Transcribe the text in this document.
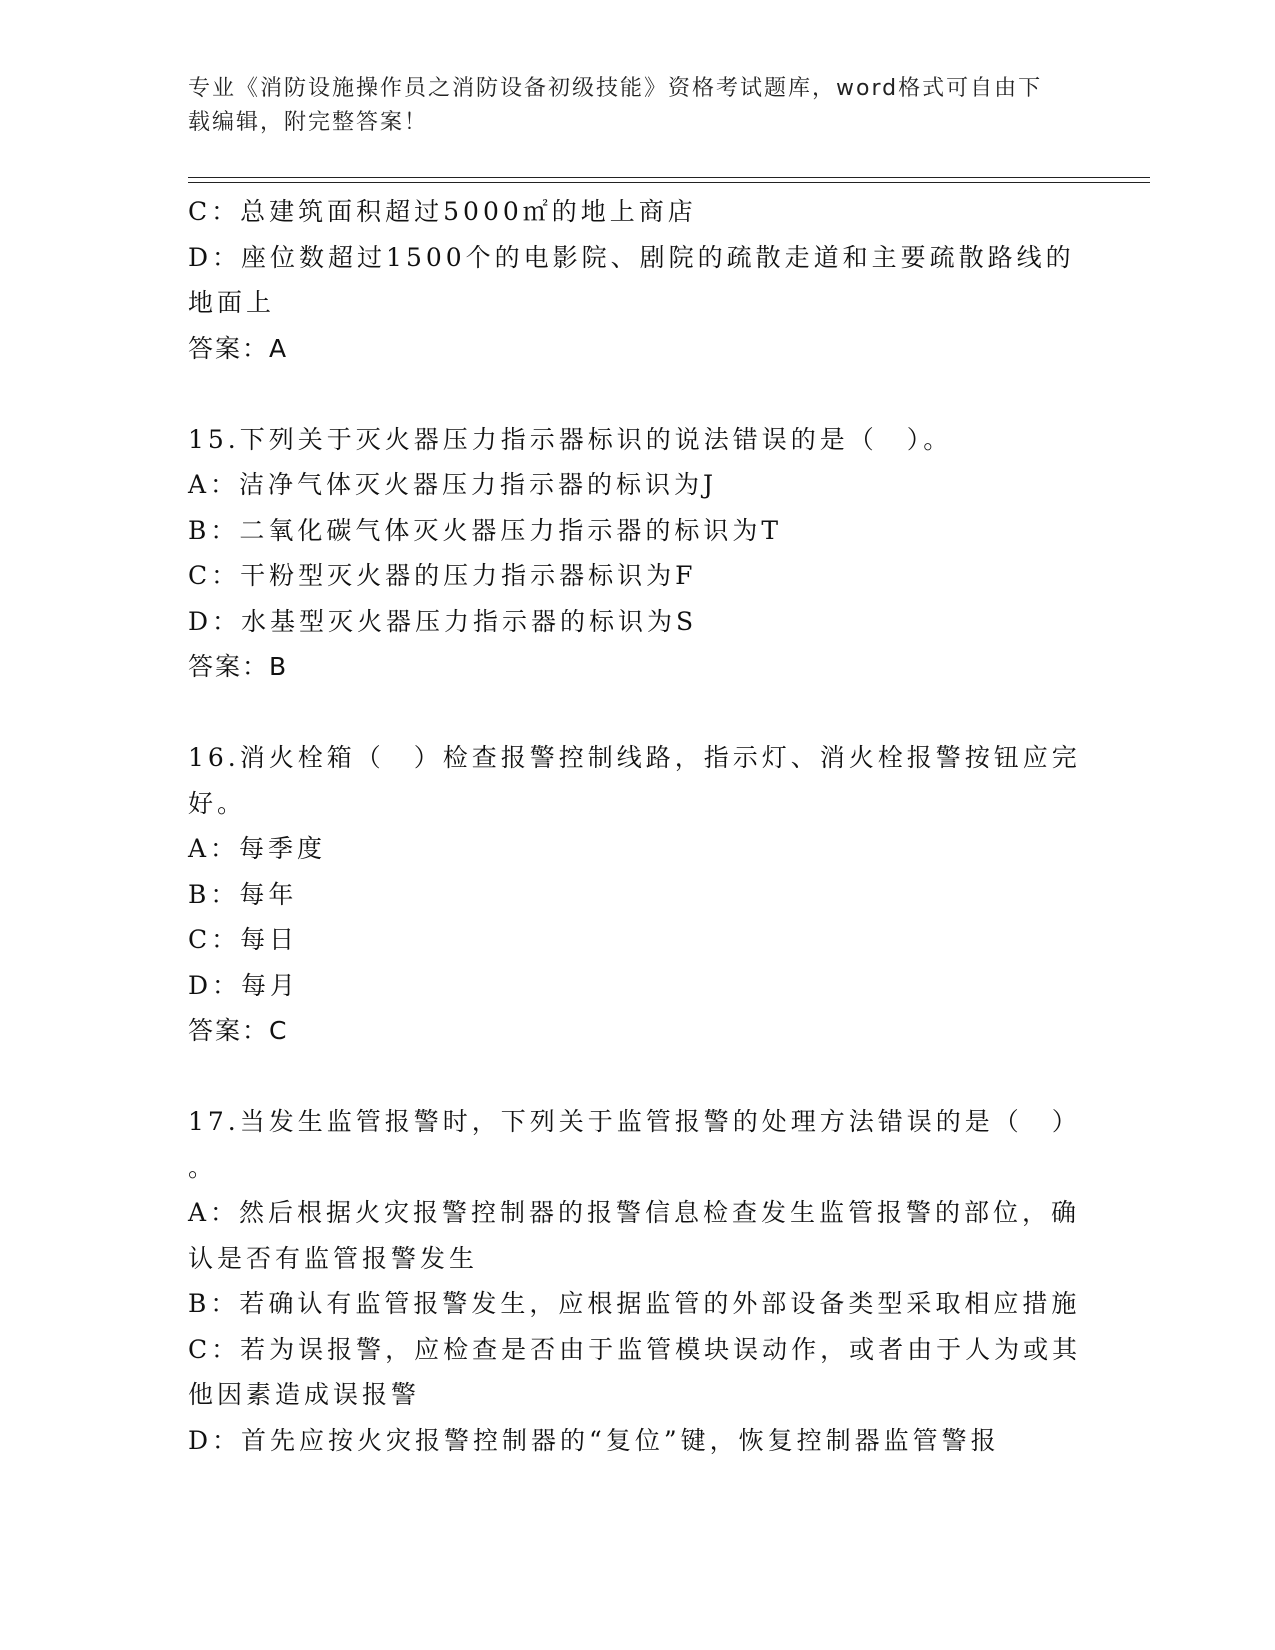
专业《消防设施操作员之消防设备初级技能》资格考试题库，word格式可自由下
载编辑，附完整答案！
C：总建筑面积超过5000㎡的地上商店
D：座位数超过1500个的电影院、剧院的疏散走道和主要疏散路线的
地面上
答案：A
15.下列关于灭火器压力指示器标识的说法错误的是（　）。
A：洁净气体灭火器压力指示器的标识为J
B：二氧化碳气体灭火器压力指示器的标识为T
C：干粉型灭火器的压力指示器标识为F
D：水基型灭火器压力指示器的标识为S
答案：B
16.消火栓箱（　）检查报警控制线路，指示灯、消火栓报警按钮应完
好。
A：每季度
B：每年
C：每日
D：每月
答案：C
17.当发生监管报警时，下列关于监管报警的处理方法错误的是（　）
。
A：然后根据火灾报警控制器的报警信息检查发生监管报警的部位，确
认是否有监管报警发生
B：若确认有监管报警发生，应根据监管的外部设备类型采取相应措施
C：若为误报警，应检查是否由于监管模块误动作，或者由于人为或其
他因素造成误报警
D：首先应按火灾报警控制器的“复位”键，恢复控制器监管警报
